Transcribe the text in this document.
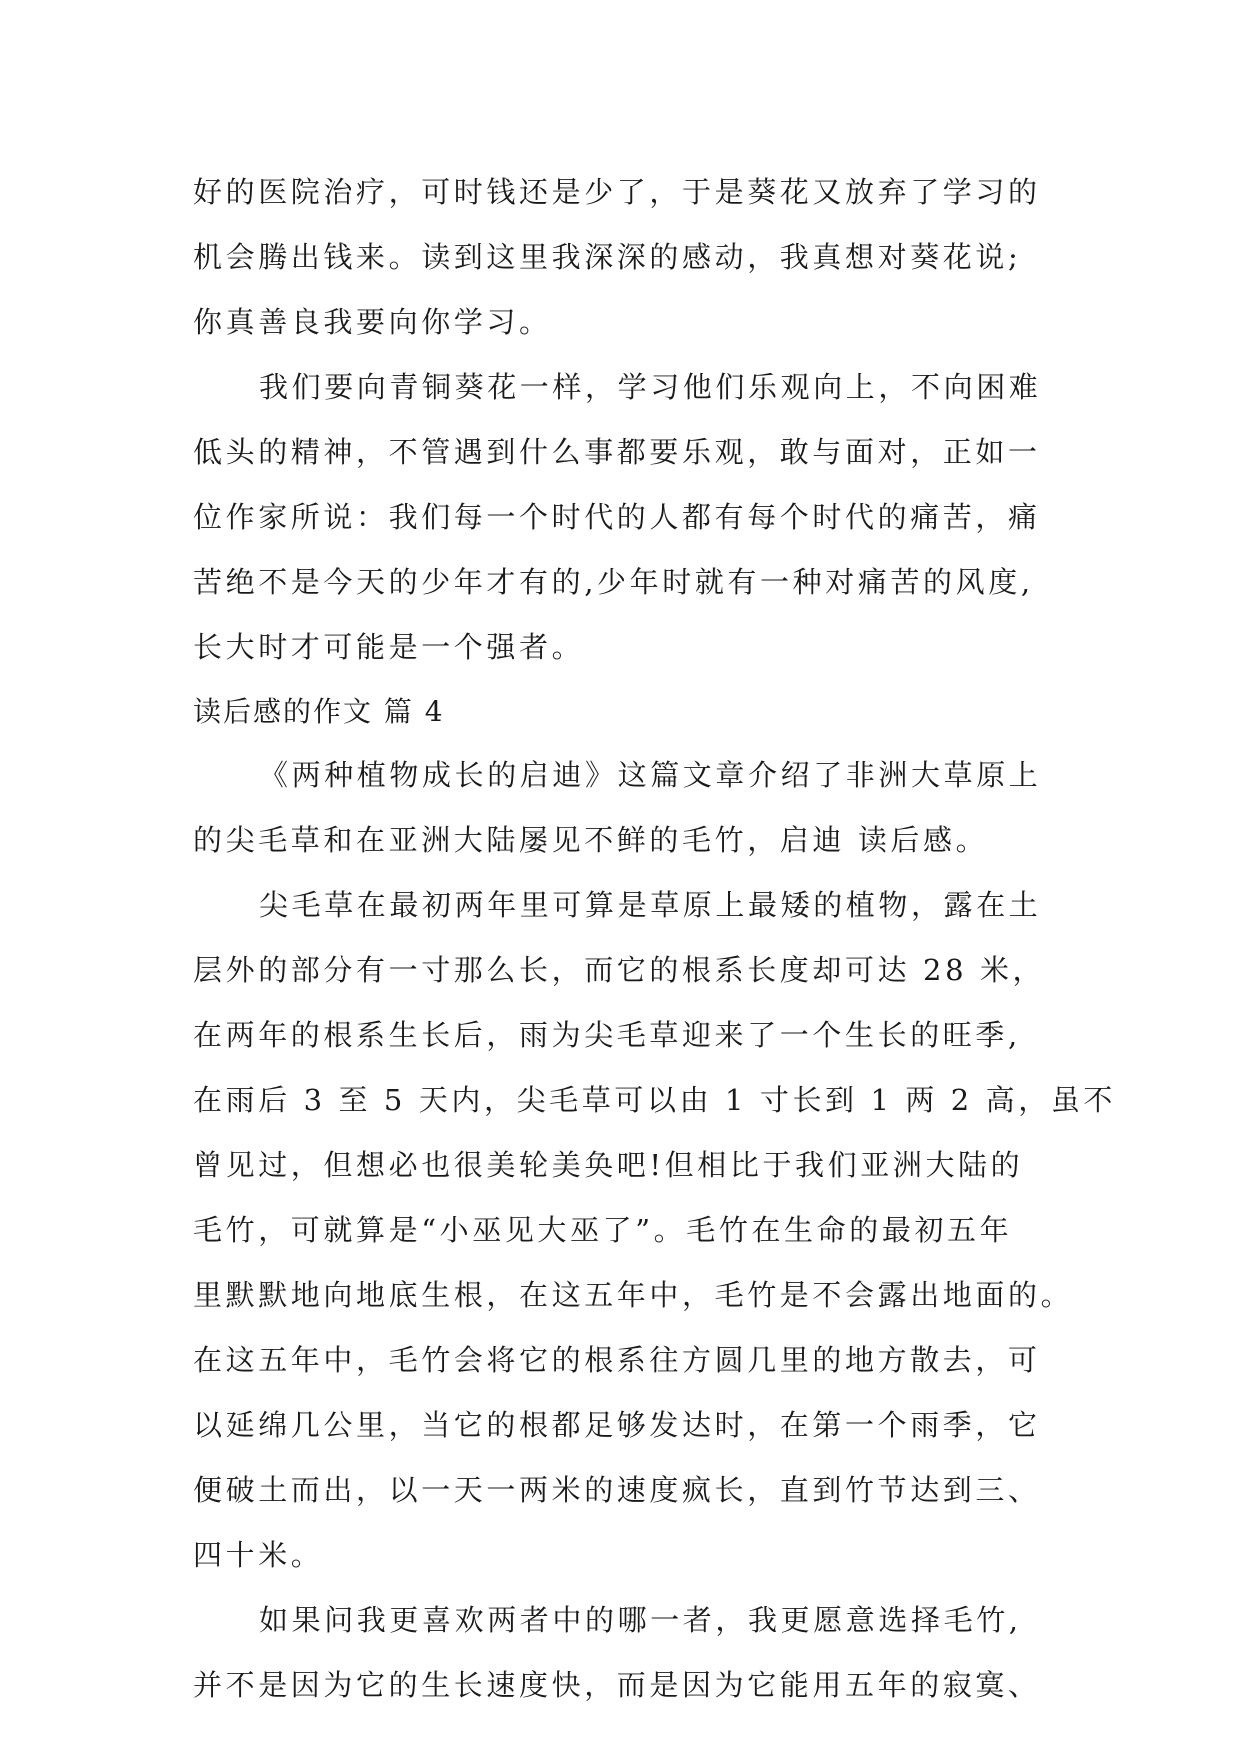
好的医院治疗，可时钱还是少了，于是葵花又放弃了学习的
机会腾出钱来。读到这里我深深的感动，我真想对葵花说;
你真善良我要向你学习。
我们要向青铜葵花一样，学习他们乐观向上，不向困难
低头的精神，不管遇到什么事都要乐观，敢与面对，正如一
位作家所说：我们每一个时代的人都有每个时代的痛苦，痛
苦绝不是今天的少年才有的,少年时就有一种对痛苦的风度,
长大时才可能是一个强者。
读后感的作文 篇 4
《两种植物成长的启迪》这篇文章介绍了非洲大草原上
的尖毛草和在亚洲大陆屡见不鲜的毛竹，启迪 读后感。
尖毛草在最初两年里可算是草原上最矮的植物，露在土
层外的部分有一寸那么长，而它的根系长度却可达 28 米，
在两年的根系生长后，雨为尖毛草迎来了一个生长的旺季,
在雨后 3 至 5 天内，尖毛草可以由 1 寸长到 1 两 2 高，虽不
曾见过，但想必也很美轮美奂吧!但相比于我们亚洲大陆的
毛竹，可就算是“小巫见大巫了”。毛竹在生命的最初五年
里默默地向地底生根，在这五年中，毛竹是不会露出地面的。
在这五年中，毛竹会将它的根系往方圆几里的地方散去，可
以延绵几公里，当它的根都足够发达时，在第一个雨季，它
便破土而出，以一天一两米的速度疯长，直到竹节达到三、
四十米。
如果问我更喜欢两者中的哪一者，我更愿意选择毛竹,
并不是因为它的生长速度快，而是因为它能用五年的寂寞、
